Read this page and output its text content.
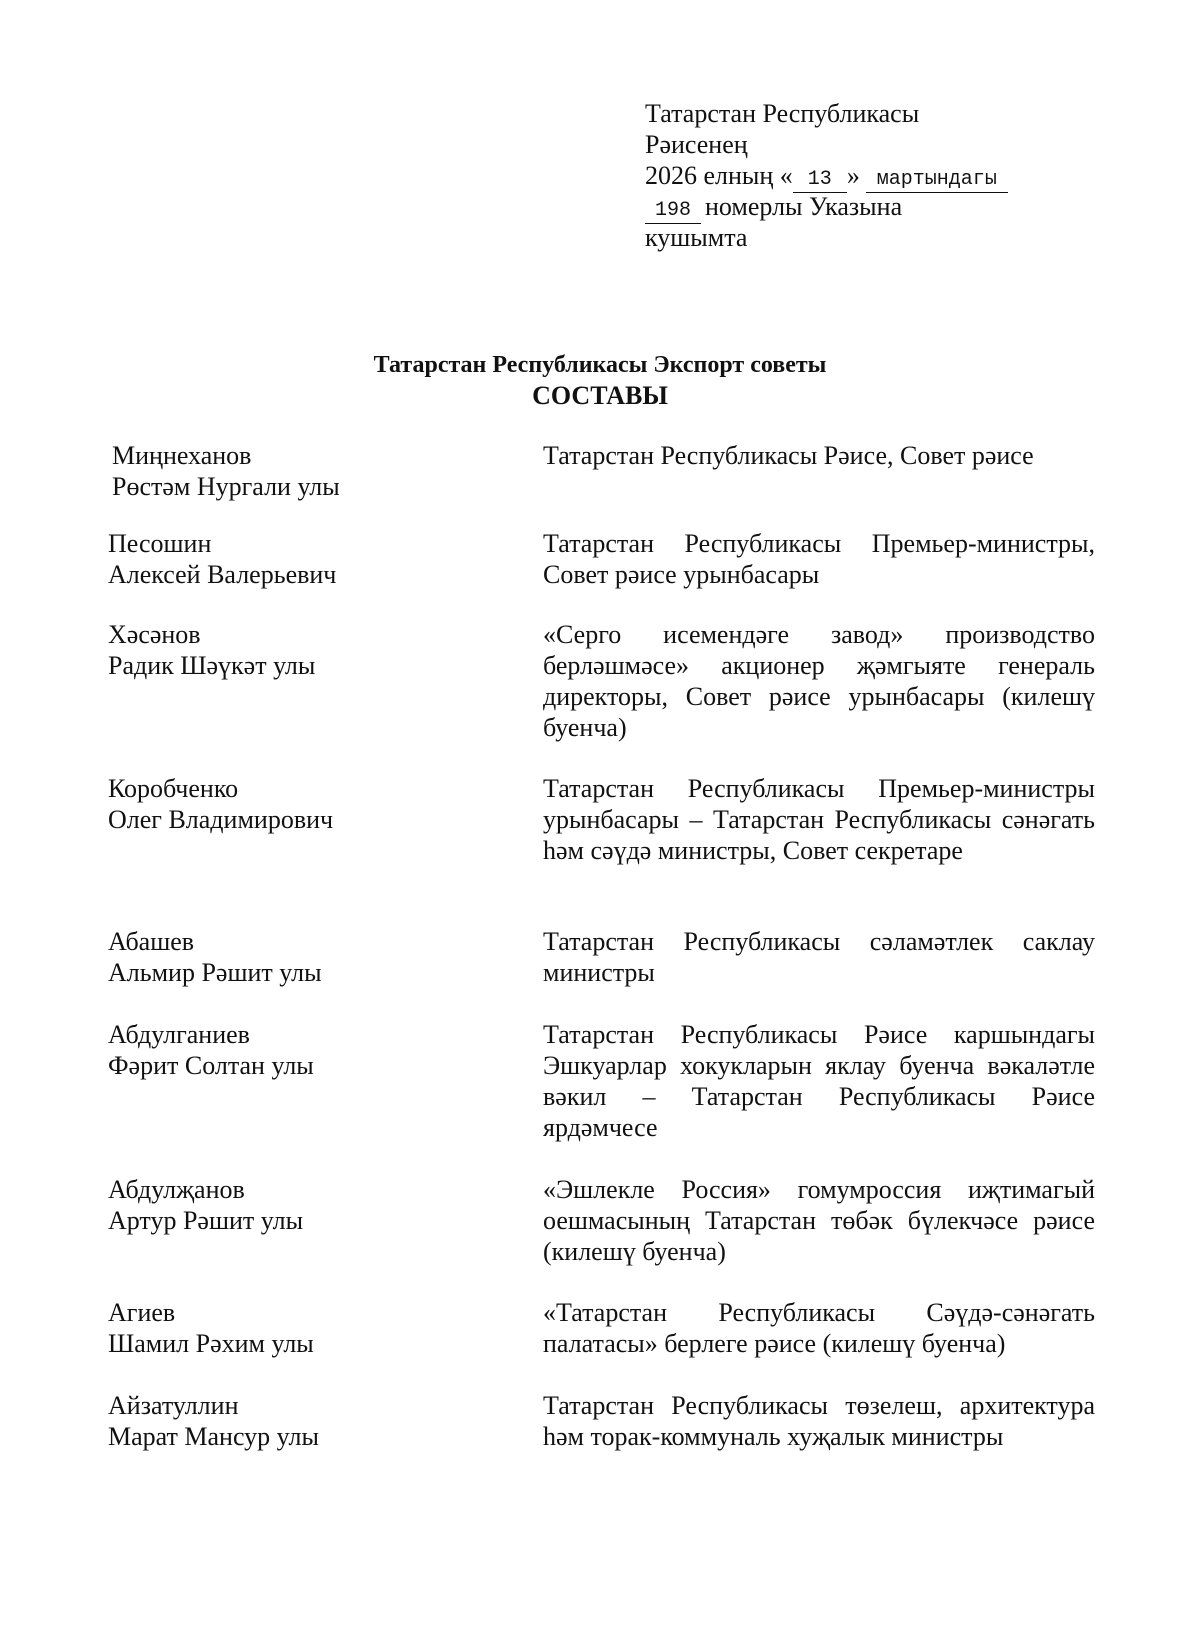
Татарстан Республикасы
Рәисенең
2026 елның « 13 » мартындагы
198 номерлы Указына
кушымта
Татарстан Республикасы Экспорт советы
СОСТАВЫ
Миңнеханов
Рөстәм Нургали улы
Татарстан Республикасы Рәисе, Совет рәисе
Песошин
Алексей Валерьевич
Татарстан Республикасы Премьер-министры, Совет рәисе урынбасары
Хәсәнов
Радик Шәүкәт улы
«Серго исемендәге завод» производство берләшмәсе» акционер җәмгыяте генераль директоры, Совет рәисе урынбасары (килешү буенча)
Коробченко
Олег Владимирович
Татарстан Республикасы Премьер-министры урынбасары – Татарстан Республикасы сәнәгать һәм сәүдә министры, Совет секретаре
Абашев
Альмир Рәшит улы
Татарстан Республикасы сәламәтлек саклау министры
Абдулганиев
Фәрит Солтан улы
Татарстан Республикасы Рәисе каршындагы Эшкуарлар хокукларын яклау буенча вәкаләтле вәкил – Татарстан Республикасы Рәисе ярдәмчесе
Абдулҗанов
Артур Рәшит улы
«Эшлекле Россия» гомумроссия иҗтимагый оешмасының Татарстан төбәк бүлекчәсе рәисе (килешү буенча)
Агиев
Шамил Рәхим улы
«Татарстан Республикасы Сәүдә-сәнәгать палатасы» берлеге рәисе (килешү буенча)
Айзатуллин
Марат Мансур улы
Татарстан Республикасы төзелеш, архитектура һәм торак-коммуналь хуҗалык министры
